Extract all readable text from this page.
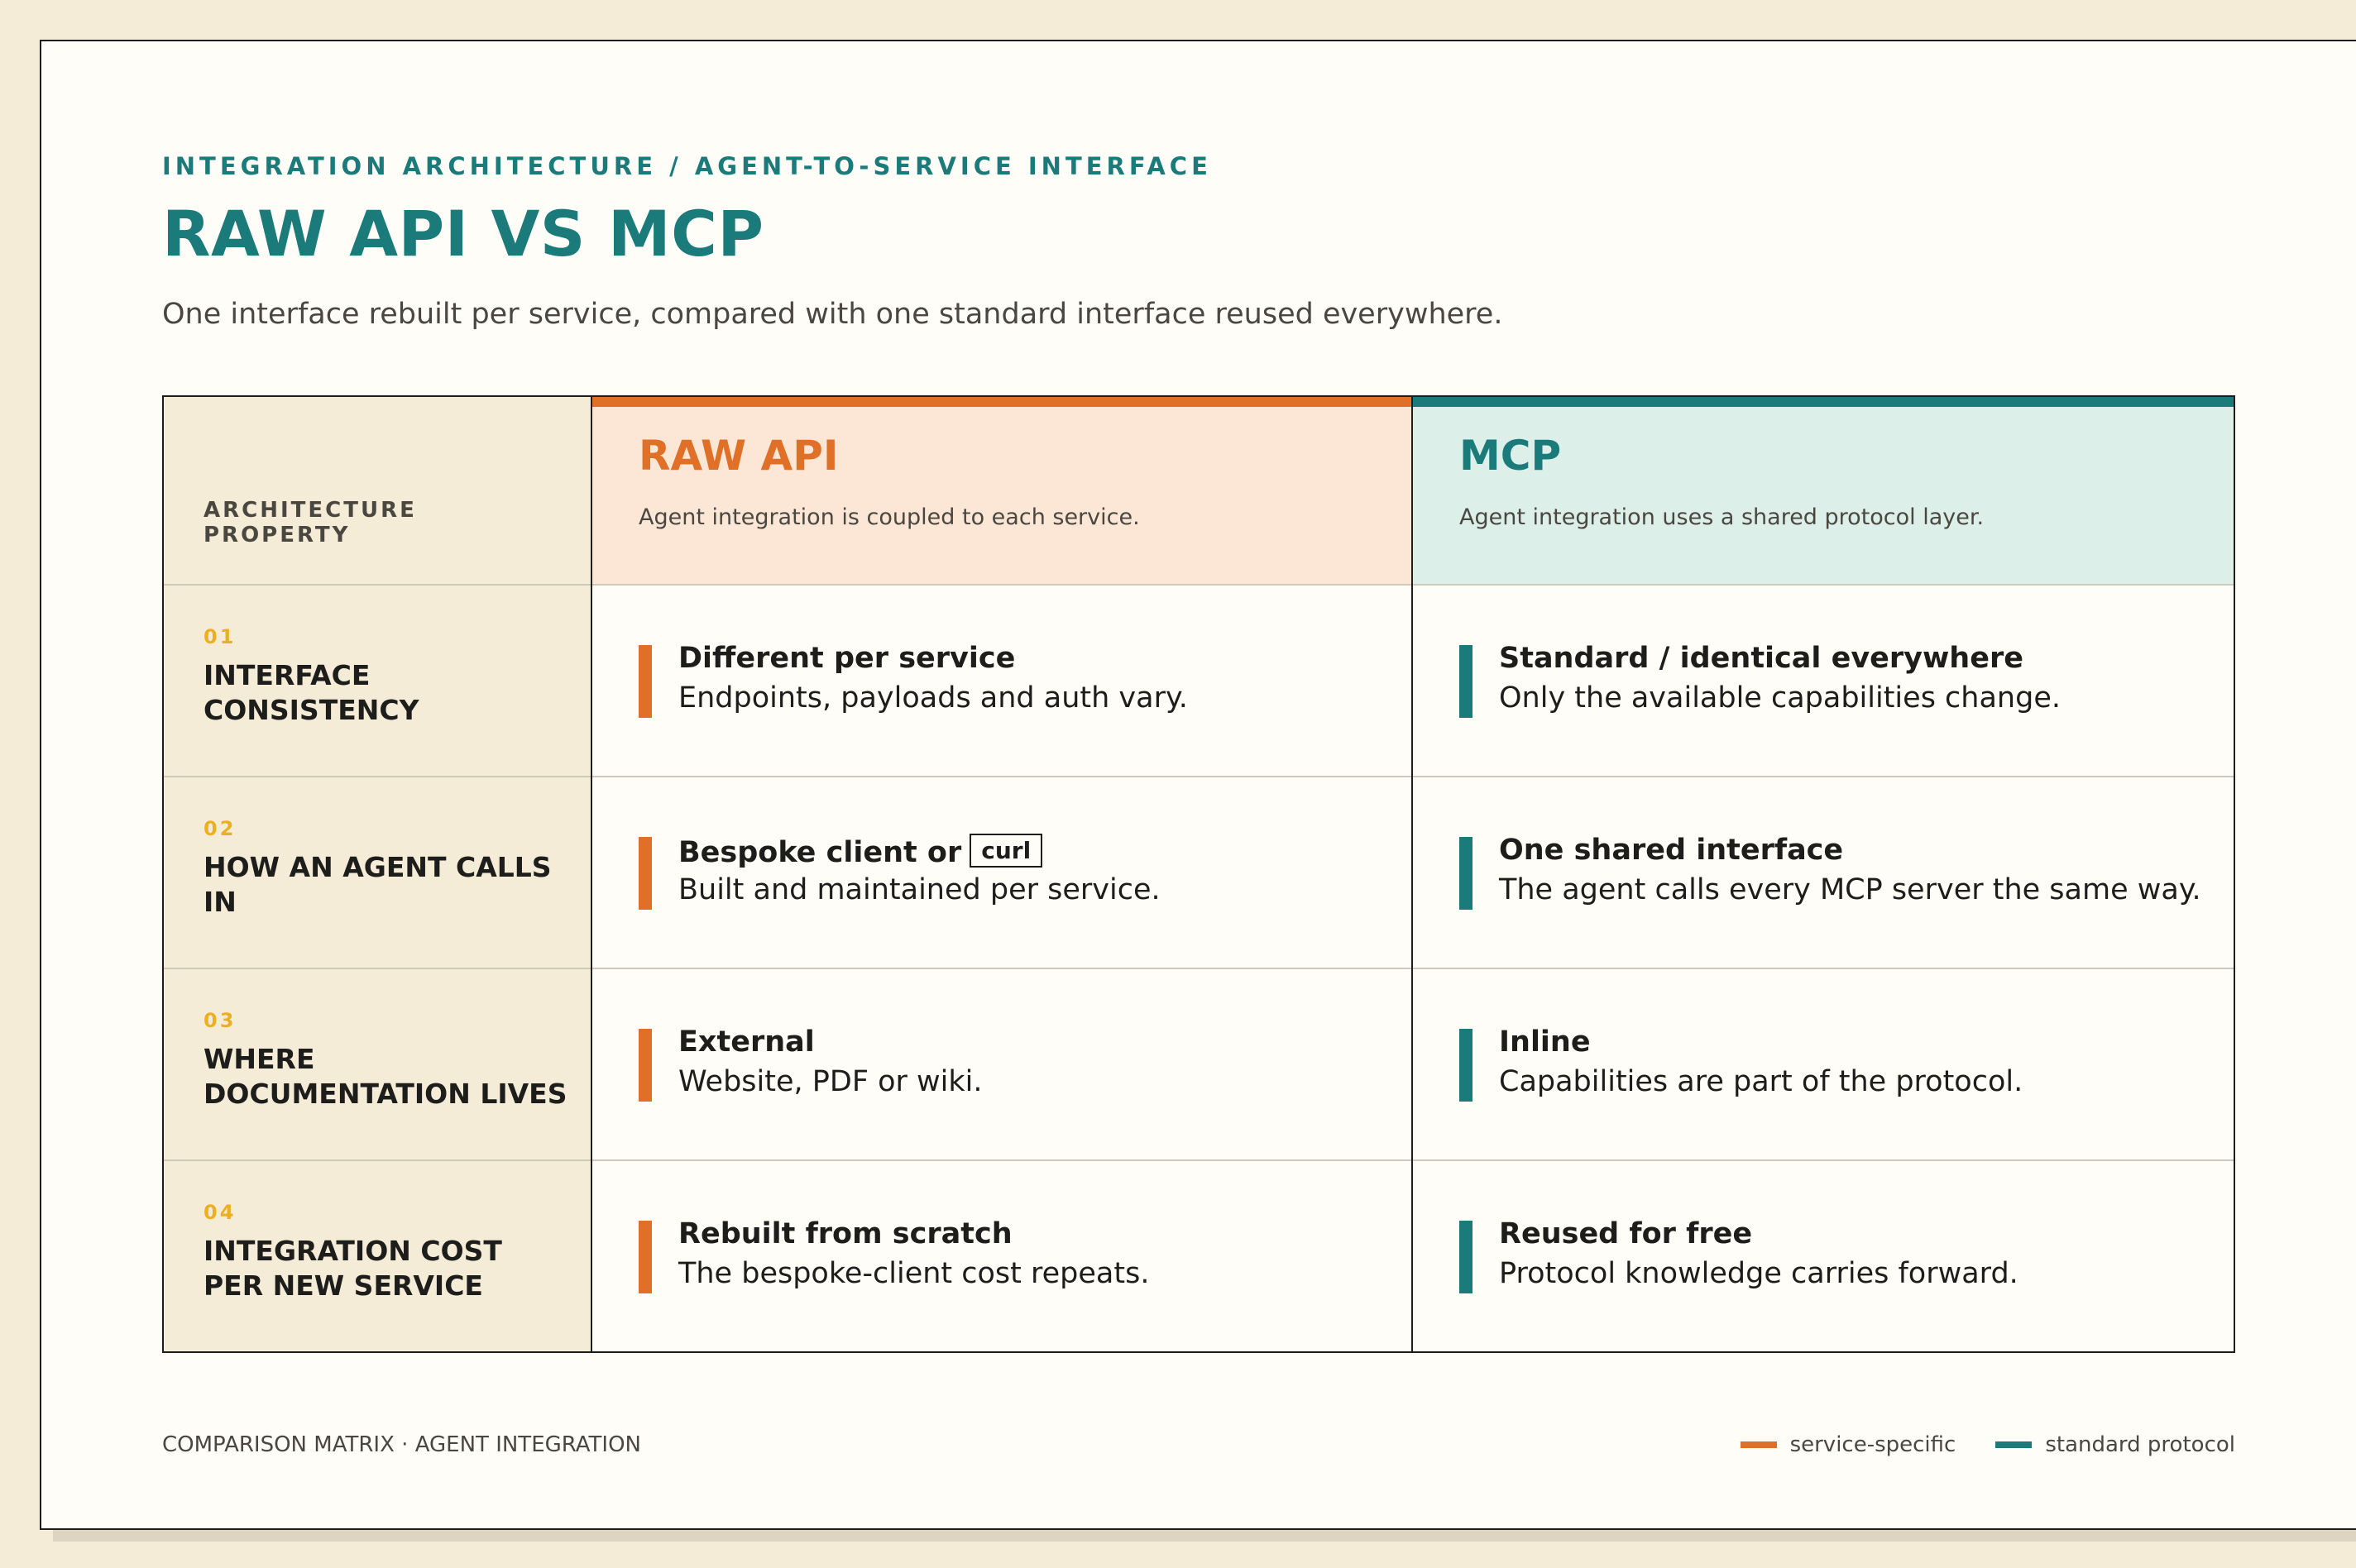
INTEGRATION ARCHITECTURE / AGENT-TO-SERVICE INTERFACE
RAW API VS MCP
One interface rebuilt per service, compared with one standard interface reused everywhere.
ARCHITECTURE PROPERTY
01
INTERFACE CONSISTENCY
02
HOW AN AGENT CALLS IN
03
WHERE DOCUMENTATION LIVES
04
INTEGRATION COST PER NEW SERVICE
RAW API
Agent integration is coupled to each service.
Different per service
Endpoints, payloads and auth vary.
Bespoke client or curl
Built and maintained per service.
External
Website, PDF or wiki.
Rebuilt from scratch
The bespoke-client cost repeats.
MCP
Agent integration uses a shared protocol layer.
Standard / identical everywhere
Only the available capabilities change.
One shared interface
The agent calls every MCP server the same way.
Inline
Capabilities are part of the protocol.
Reused for free
Protocol knowledge carries forward.
COMPARISON MATRIX · AGENT INTEGRATION	service-specific	standard protocol
